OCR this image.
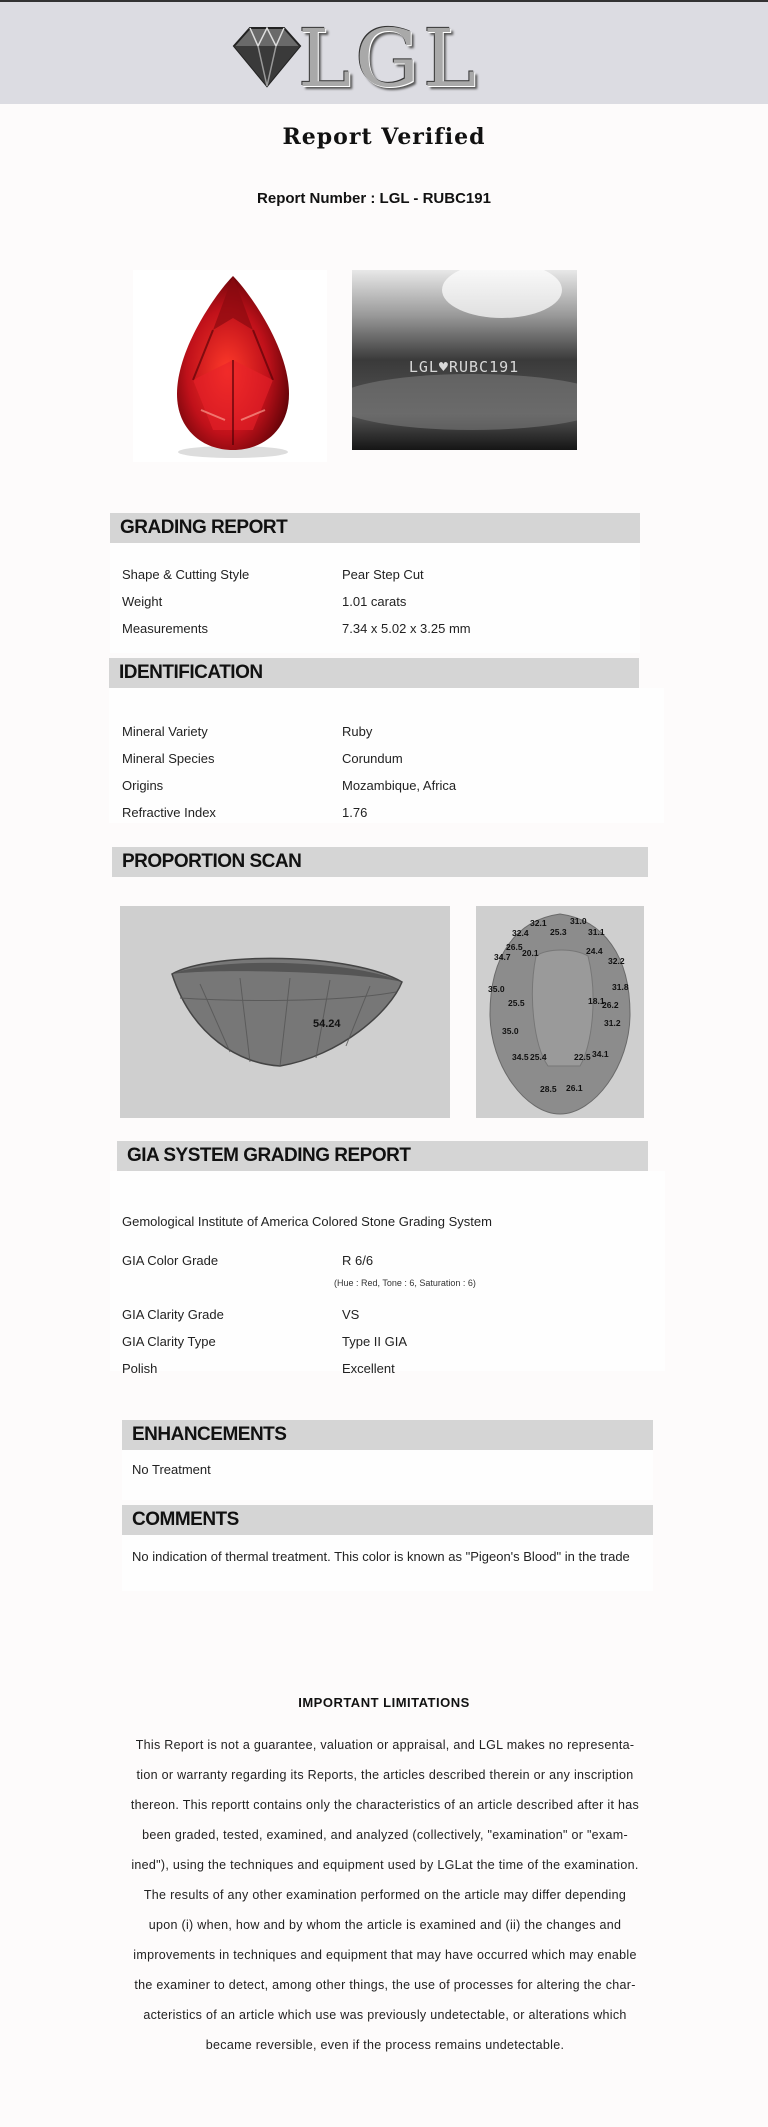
LGL
Report Verified
Report Number : LGL - RUBC191
LGL♥RUBC191
GRADING REPORT
Shape & Cutting Style	Pear Step Cut
Weight	1.01 carats
Measurements	7.34 x 5.02 x 3.25 mm
IDENTIFICATION
Mineral Variety	Ruby
Mineral Species	Corundum
Origins	Mozambique, Africa
Refractive Index	1.76
PROPORTION SCAN
54.24
32.1	31.0
32.4	25.3	31.1
26.5
34.7 20.1	24.4
32.2
35.0	31.8
25.5	18.1
26.2
35.0
31.2
34.5 25.4	22.5 34.1
28.5 26.1
GIA SYSTEM GRADING REPORT
Gemological Institute of America Colored Stone Grading System
GIA Color Grade	R 6/6
(Hue : Red, Tone : 6, Saturation : 6)
GIA Clarity Grade	VS
GIA Clarity Type	Type II GIA
Polish	Excellent
ENHANCEMENTS
No Treatment
COMMENTS
No indication of thermal treatment. This color is known as "Pigeon's Blood" in the trade
IMPORTANT LIMITATIONS
This Report is not a guarantee, valuation or appraisal, and LGL makes no representa-
tion or warranty regarding its Reports, the articles described therein or any inscription
thereon. This reportt contains only the characteristics of an article described after it has
been graded, tested, examined, and analyzed (collectively, "examination" or "exam-
ined"), using the techniques and equipment used by LGLat the time of the examination.
The results of any other examination performed on the article may differ depending
upon (i) when, how and by whom the article is examined and (ii) the changes and
improvements in techniques and equipment that may have occurred which may enable
the examiner to detect, among other things, the use of processes for altering the char-
acteristics of an article which use was previously undetectable, or alterations which
became reversible, even if the process remains undetectable.
